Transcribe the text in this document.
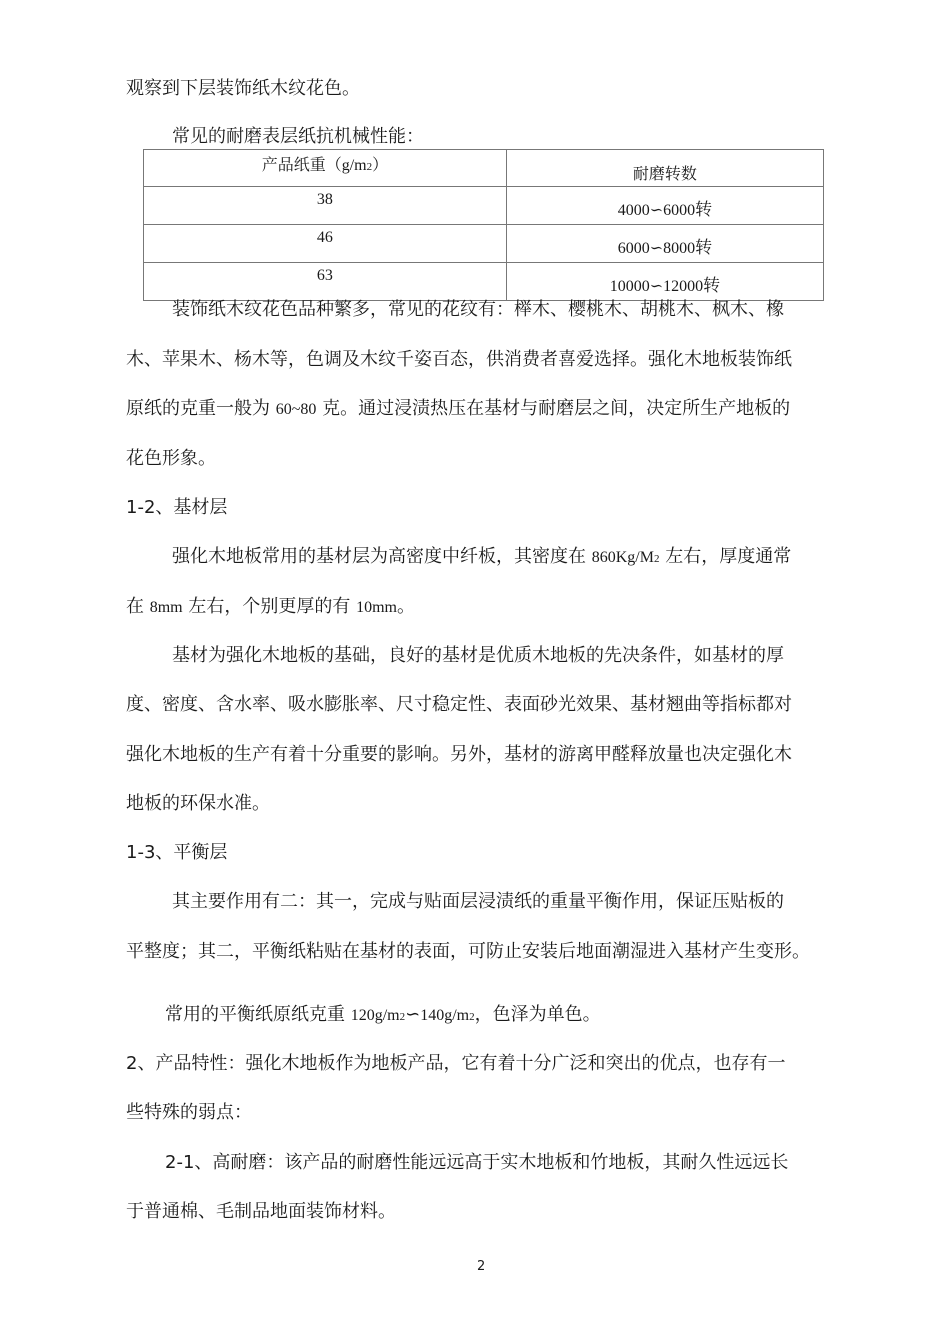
观察到下层装饰纸木纹花色。
常见的耐磨表层纸抗机械性能：
产品纸重（g/m2）	耐磨转数
38	4000∽6000转
46	6000∽8000转
63	10000∽12000转
装饰纸木纹花色品种繁多，常见的花纹有：榉木、樱桃木、胡桃木、枫木、橡
木、苹果木、杨木等，色调及木纹千姿百态，供消费者喜爱选择。强化木地板装饰纸
原纸的克重一般为 60~80 克。通过浸渍热压在基材与耐磨层之间，决定所生产地板的
花色形象。
1-2、基材层
强化木地板常用的基材层为高密度中纤板，其密度在 860Kg/M2 左右，厚度通常
在 8mm 左右，个别更厚的有 10mm。
基材为强化木地板的基础，良好的基材是优质木地板的先决条件，如基材的厚
度、密度、含水率、吸水膨胀率、尺寸稳定性、表面砂光效果、基材翘曲等指标都对
强化木地板的生产有着十分重要的影响。另外，基材的游离甲醛释放量也决定强化木
地板的环保水准。
1-3、平衡层
其主要作用有二：其一，完成与贴面层浸渍纸的重量平衡作用，保证压贴板的
平整度；其二，平衡纸粘贴在基材的表面，可防止安装后地面潮湿进入基材产生变形。
常用的平衡纸原纸克重 120g/m2∽140g/m2，色泽为单色。
2、产品特性：强化木地板作为地板产品，它有着十分广泛和突出的优点，也存有一
些特殊的弱点：
2-1、高耐磨：该产品的耐磨性能远远高于实木地板和竹地板，其耐久性远远长
于普通棉、毛制品地面装饰材料。
2
